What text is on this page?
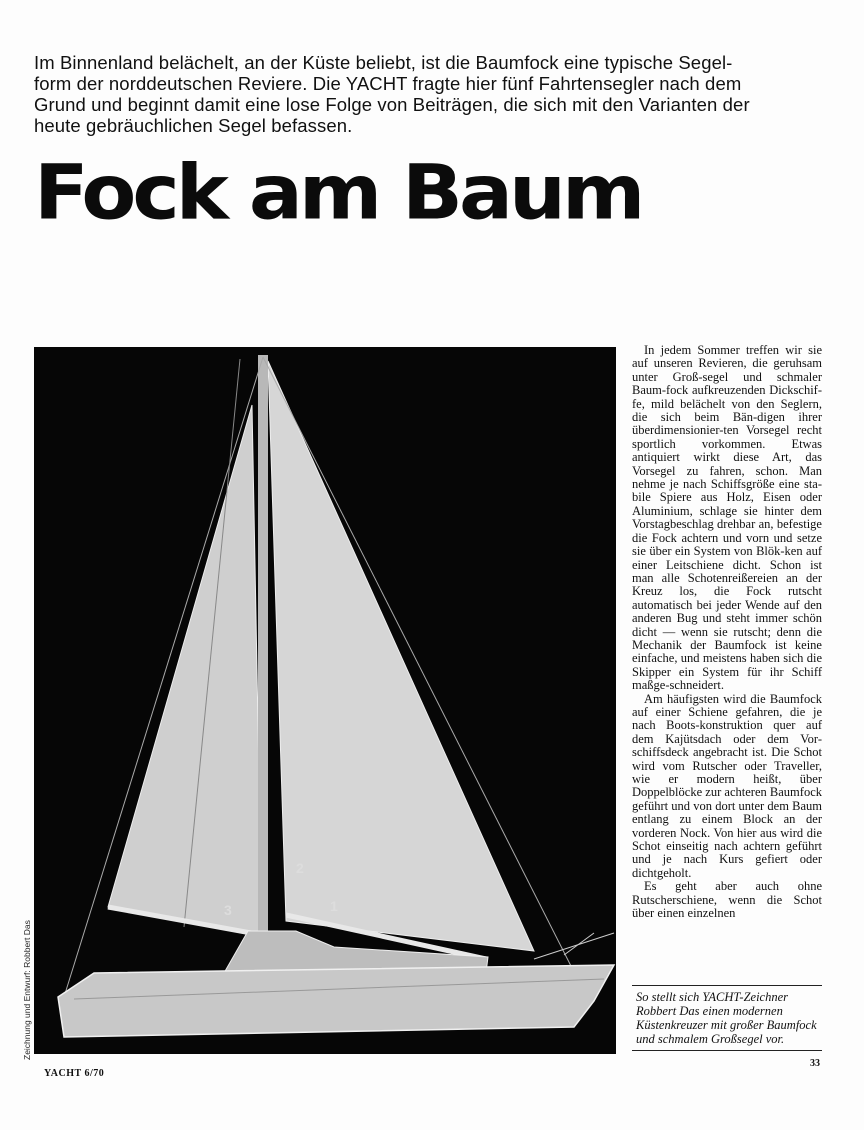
Im Binnenland belächelt, an der Küste beliebt, ist die Baumfock eine typische Segel-
form der norddeutschen Reviere. Die YACHT fragte hier fünf Fahrtensegler nach dem
Grund und beginnt damit eine lose Folge von Beiträgen, die sich mit den Varianten der
heute gebräuchlichen Segel befassen.
Fock am Baum
1
2
3
Zeichnung und Entwurf: Robbert Das

In jedem Sommer treffen wir sie auf unseren Revieren, die geruhsam unter Groß-segel und schmaler Baum-fock aufkreuzenden Dickschif-fe, mild belächelt von den Seglern, die sich beim Bän-digen ihrer überdimensionier-ten Vorsegel recht sportlich vorkommen. Etwas antiquiert wirkt diese Art, das Vorsegel zu fahren, schon. Man nehme je nach Schiffsgröße eine sta-bile Spiere aus Holz, Eisen oder Aluminium, schlage sie hinter dem Vorstagbeschlag drehbar an, befestige die Fock achtern und vorn und setze sie über ein System von Blök-ken auf einer Leitschiene dicht. Schon ist man alle Schotenreißereien an der Kreuz los, die Fock rutscht automatisch bei jeder Wende auf den anderen Bug und steht immer schön dicht — wenn sie rutscht; denn die Mechanik der Baumfock ist keine einfache, und meistens haben sich die Skipper ein System für ihr Schiff maßge-schneidert.

Am häufigsten wird die Baumfock auf einer Schiene gefahren, die je nach Boots-konstruktion quer auf dem Kajütsdach oder dem Vor-schiffsdeck angebracht ist. Die Schot wird vom Rutscher oder Traveller, wie er modern heißt, über Doppelblöcke zur achteren Baumfock geführt und von dort unter dem Baum entlang zu einem Block an der vorderen Nock. Von hier aus wird die Schot einseitig nach achtern geführt und je nach Kurs gefiert oder dichtgeholt.

Es geht aber auch ohne Rutscherschiene, wenn die Schot über einen einzelnen

So stellt sich YACHT-Zeichner Robbert Das einen modernen Küstenkreuzer mit großer Baumfock und schmalem Großsegel vor.
YACHT 6/70
33
